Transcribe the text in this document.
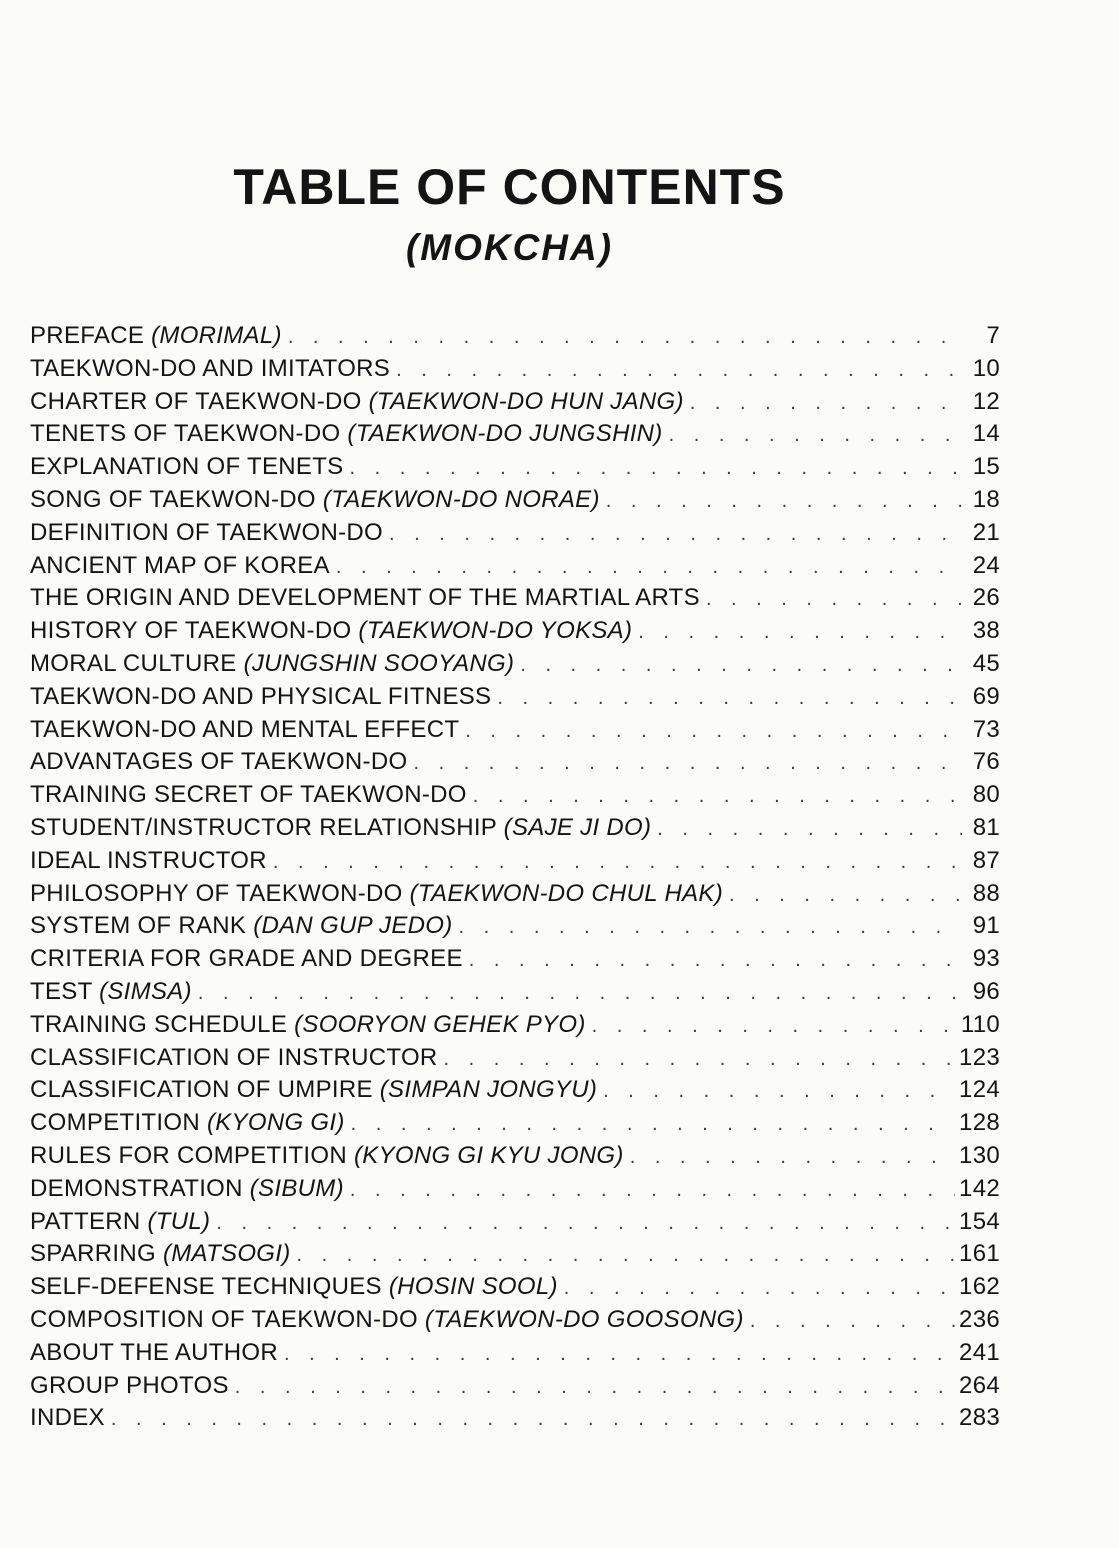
TABLE OF CONTENTS
(MOKCHA)
PREFACE (MORIMAL) . . .	7
TAEKWON-DO AND IMITATORS . . .	10
CHARTER OF TAEKWON-DO (TAEKWON-DO HUN JANG) . . .	12
TENETS OF TAEKWON-DO (TAEKWON-DO JUNGSHIN) . . .	14
EXPLANATION OF TENETS . . .	15
SONG OF TAEKWON-DO (TAEKWON-DO NORAE) . . .	18
DEFINITION OF TAEKWON-DO . . .	21
ANCIENT MAP OF KOREA . . .	24
THE ORIGIN AND DEVELOPMENT OF THE MARTIAL ARTS . . .	26
HISTORY OF TAEKWON-DO (TAEKWON-DO YOKSA) . . .	38
MORAL CULTURE (JUNGSHIN SOOYANG) . . .	45
TAEKWON-DO AND PHYSICAL FITNESS . . .	69
TAEKWON-DO AND MENTAL EFFECT . . .	73
ADVANTAGES OF TAEKWON-DO . . .	76
TRAINING SECRET OF TAEKWON-DO . . .	80
STUDENT/INSTRUCTOR RELATIONSHIP (SAJE JI DO) . . .	81
IDEAL INSTRUCTOR . . .	87
PHILOSOPHY OF TAEKWON-DO (TAEKWON-DO CHUL HAK) . . .	88
SYSTEM OF RANK (DAN GUP JEDO) . . .	91
CRITERIA FOR GRADE AND DEGREE . . .	93
TEST (SIMSA) . . .	96
TRAINING SCHEDULE (SOORYON GEHEK PYO) . . .	110
CLASSIFICATION OF INSTRUCTOR . . .	123
CLASSIFICATION OF UMPIRE (SIMPAN JONGYU) . . .	124
COMPETITION (KYONG GI) . . .	128
RULES FOR COMPETITION (KYONG GI KYU JONG) . . .	130
DEMONSTRATION (SIBUM) . . .	142
PATTERN (TUL) . . .	154
SPARRING (MATSOGI) . . .	161
SELF-DEFENSE TECHNIQUES (HOSIN SOOL) . . .	162
COMPOSITION OF TAEKWON-DO (TAEKWON-DO GOOSONG) . . .	236
ABOUT THE AUTHOR . . .	241
GROUP PHOTOS . . .	264
INDEX . . .	283
